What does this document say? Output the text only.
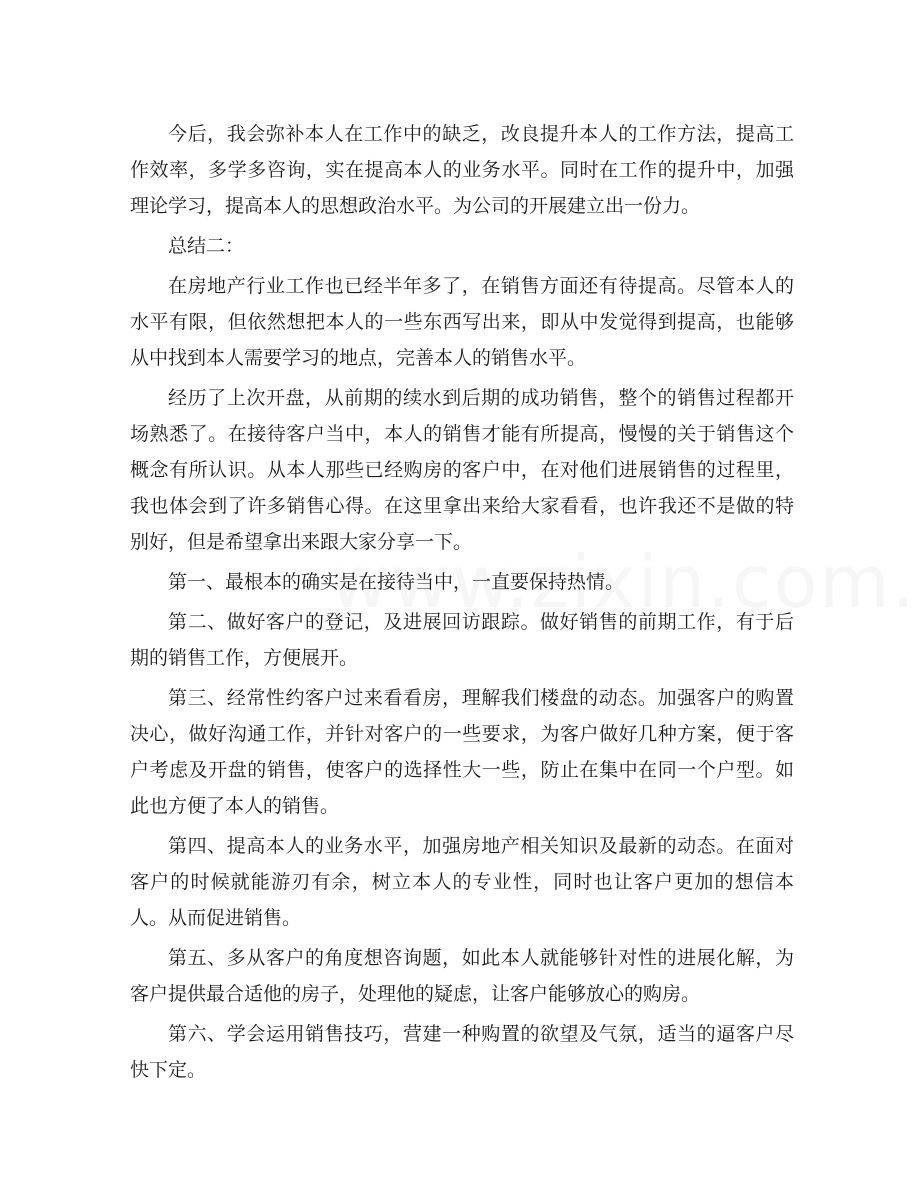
今后，我会弥补本人在工作中的缺乏，改良提升本人的工作方法，提高工作效率，多学多咨询，实在提高本人的业务水平。同时在工作的提升中，加强理论学习，提高本人的思想政治水平。为公司的开展建立出一份力。

总结二：

在房地产行业工作也已经半年多了，在销售方面还有待提高。尽管本人的水平有限，但依然想把本人的一些东西写出来，即从中发觉得到提高，也能够从中找到本人需要学习的地点，完善本人的销售水平。

经历了上次开盘，从前期的续水到后期的成功销售，整个的销售过程都开场熟悉了。在接待客户当中，本人的销售才能有所提高，慢慢的关于销售这个概念有所认识。从本人那些已经购房的客户中，在对他们进展销售的过程里，我也体会到了许多销售心得。在这里拿出来给大家看看，也许我还不是做的特别好，但是希望拿出来跟大家分享一下。

第一、最根本的确实是在接待当中，一直要保持热情。

第二、做好客户的登记，及进展回访跟踪。做好销售的前期工作，有于后期的销售工作，方便展开。

第三、经常性约客户过来看看房，理解我们楼盘的动态。加强客户的购置决心，做好沟通工作，并针对客户的一些要求，为客户做好几种方案，便于客户考虑及开盘的销售，使客户的选择性大一些，防止在集中在同一个户型。如此也方便了本人的销售。

第四、提高本人的业务水平，加强房地产相关知识及最新的动态。在面对客户的时候就能游刃有余，树立本人的专业性，同时也让客户更加的想信本人。从而促进销售。

第五、多从客户的角度想咨询题，如此本人就能够针对性的进展化解，为客户提供最合适他的房子，处理他的疑虑，让客户能够放心的购房。

第六、学会运用销售技巧，营建一种购置的欲望及气氛，适当的逼客户尽快下定。
